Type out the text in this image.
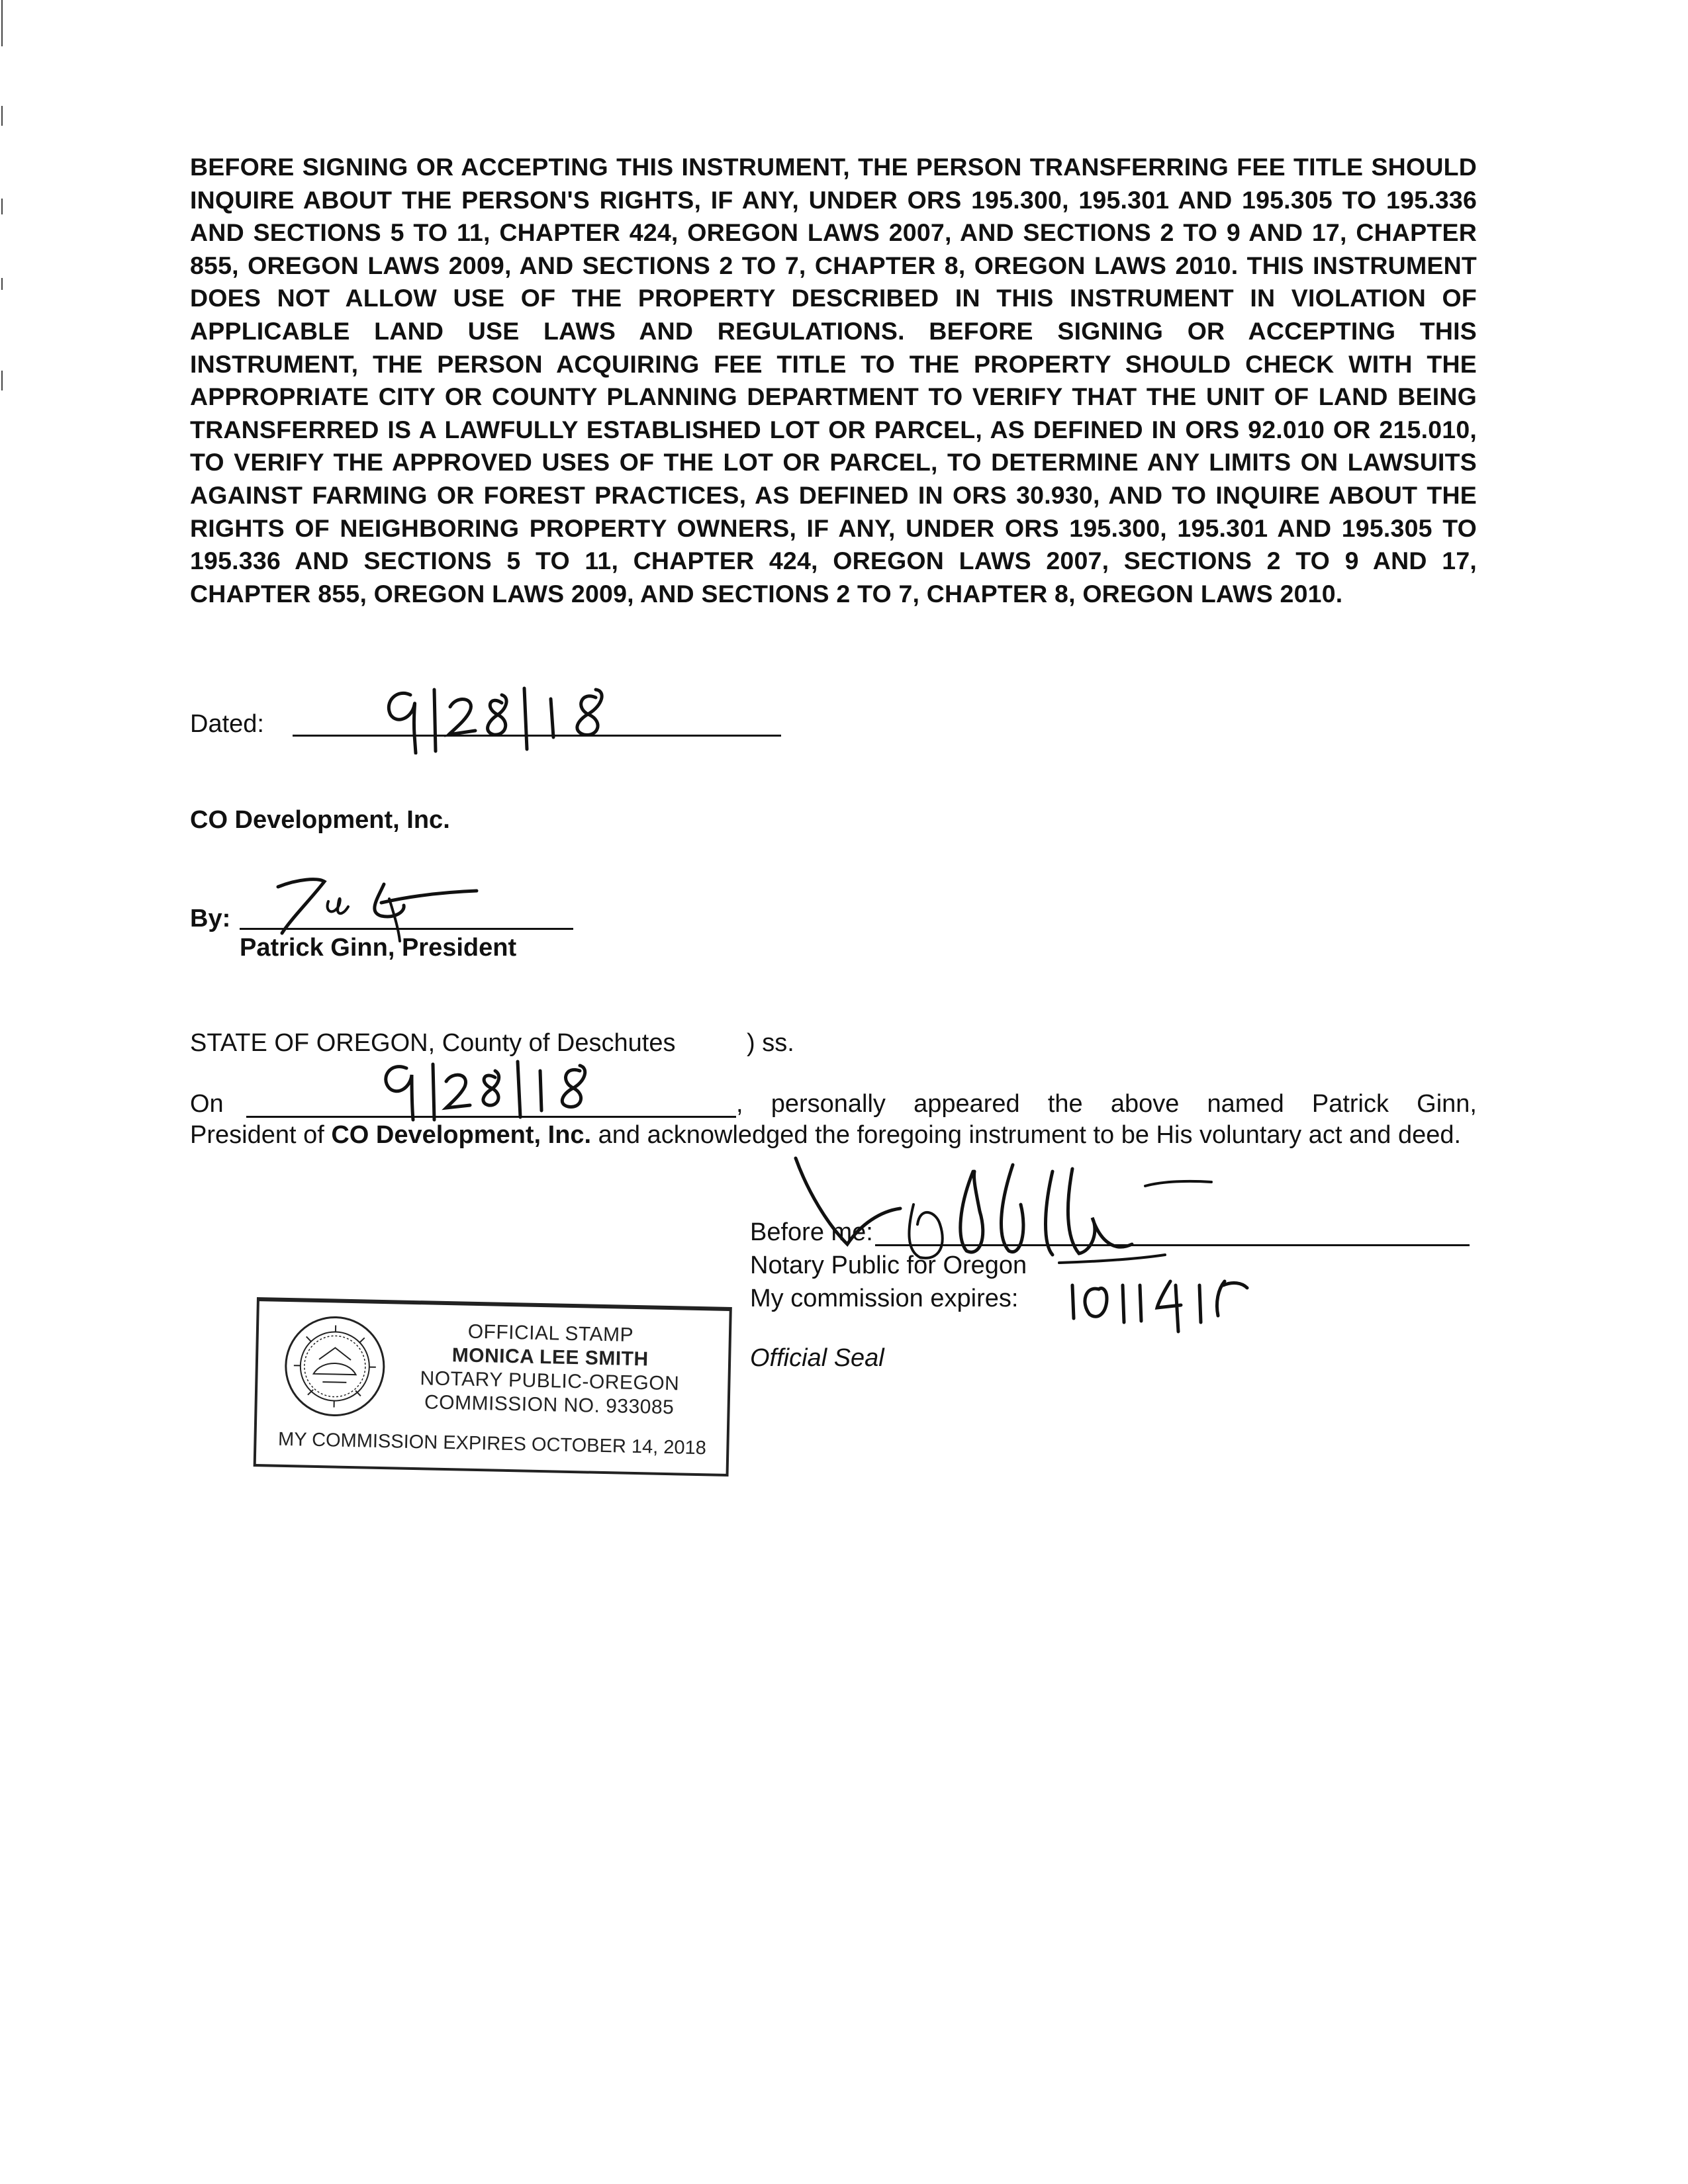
BEFORE SIGNING OR ACCEPTING THIS INSTRUMENT, THE PERSON TRANSFERRING FEE TITLE SHOULD INQUIRE ABOUT THE PERSON'S RIGHTS, IF ANY, UNDER ORS 195.300, 195.301 AND 195.305 TO 195.336 AND SECTIONS 5 TO 11, CHAPTER 424, OREGON LAWS 2007, AND SECTIONS 2 TO 9 AND 17, CHAPTER 855, OREGON LAWS 2009, AND SECTIONS 2 TO 7, CHAPTER 8, OREGON LAWS 2010. THIS INSTRUMENT DOES NOT ALLOW USE OF THE PROPERTY DESCRIBED IN THIS INSTRUMENT IN VIOLATION OF APPLICABLE LAND USE LAWS AND REGULATIONS. BEFORE SIGNING OR ACCEPTING THIS INSTRUMENT, THE PERSON ACQUIRING FEE TITLE TO THE PROPERTY SHOULD CHECK WITH THE APPROPRIATE CITY OR COUNTY PLANNING DEPARTMENT TO VERIFY THAT THE UNIT OF LAND BEING TRANSFERRED IS A LAWFULLY ESTABLISHED LOT OR PARCEL, AS DEFINED IN ORS 92.010 OR 215.010, TO VERIFY THE APPROVED USES OF THE LOT OR PARCEL, TO DETERMINE ANY LIMITS ON LAWSUITS AGAINST FARMING OR FOREST PRACTICES, AS DEFINED IN ORS 30.930, AND TO INQUIRE ABOUT THE RIGHTS OF NEIGHBORING PROPERTY OWNERS, IF ANY, UNDER ORS 195.300, 195.301 AND 195.305 TO 195.336 AND SECTIONS 5 TO 11, CHAPTER 424, OREGON LAWS 2007, SECTIONS 2 TO 9 AND 17, CHAPTER 855, OREGON LAWS 2009, AND SECTIONS 2 TO 7, CHAPTER 8, OREGON LAWS 2010.
Dated:
CO Development, Inc.
By:
Patrick Ginn, President
STATE OF OREGON, County of Deschutes	) ss.
On	, personally appeared the above named Patrick Ginn,
President of CO Development, Inc. and acknowledged the foregoing instrument to be His voluntary act and deed.
Before me:
Notary Public for Oregon
My commission expires:
Official Seal
OFFICIAL STAMP
MONICA LEE SMITH
NOTARY PUBLIC-OREGON
COMMISSION NO. 933085
MY COMMISSION EXPIRES OCTOBER 14, 2018
